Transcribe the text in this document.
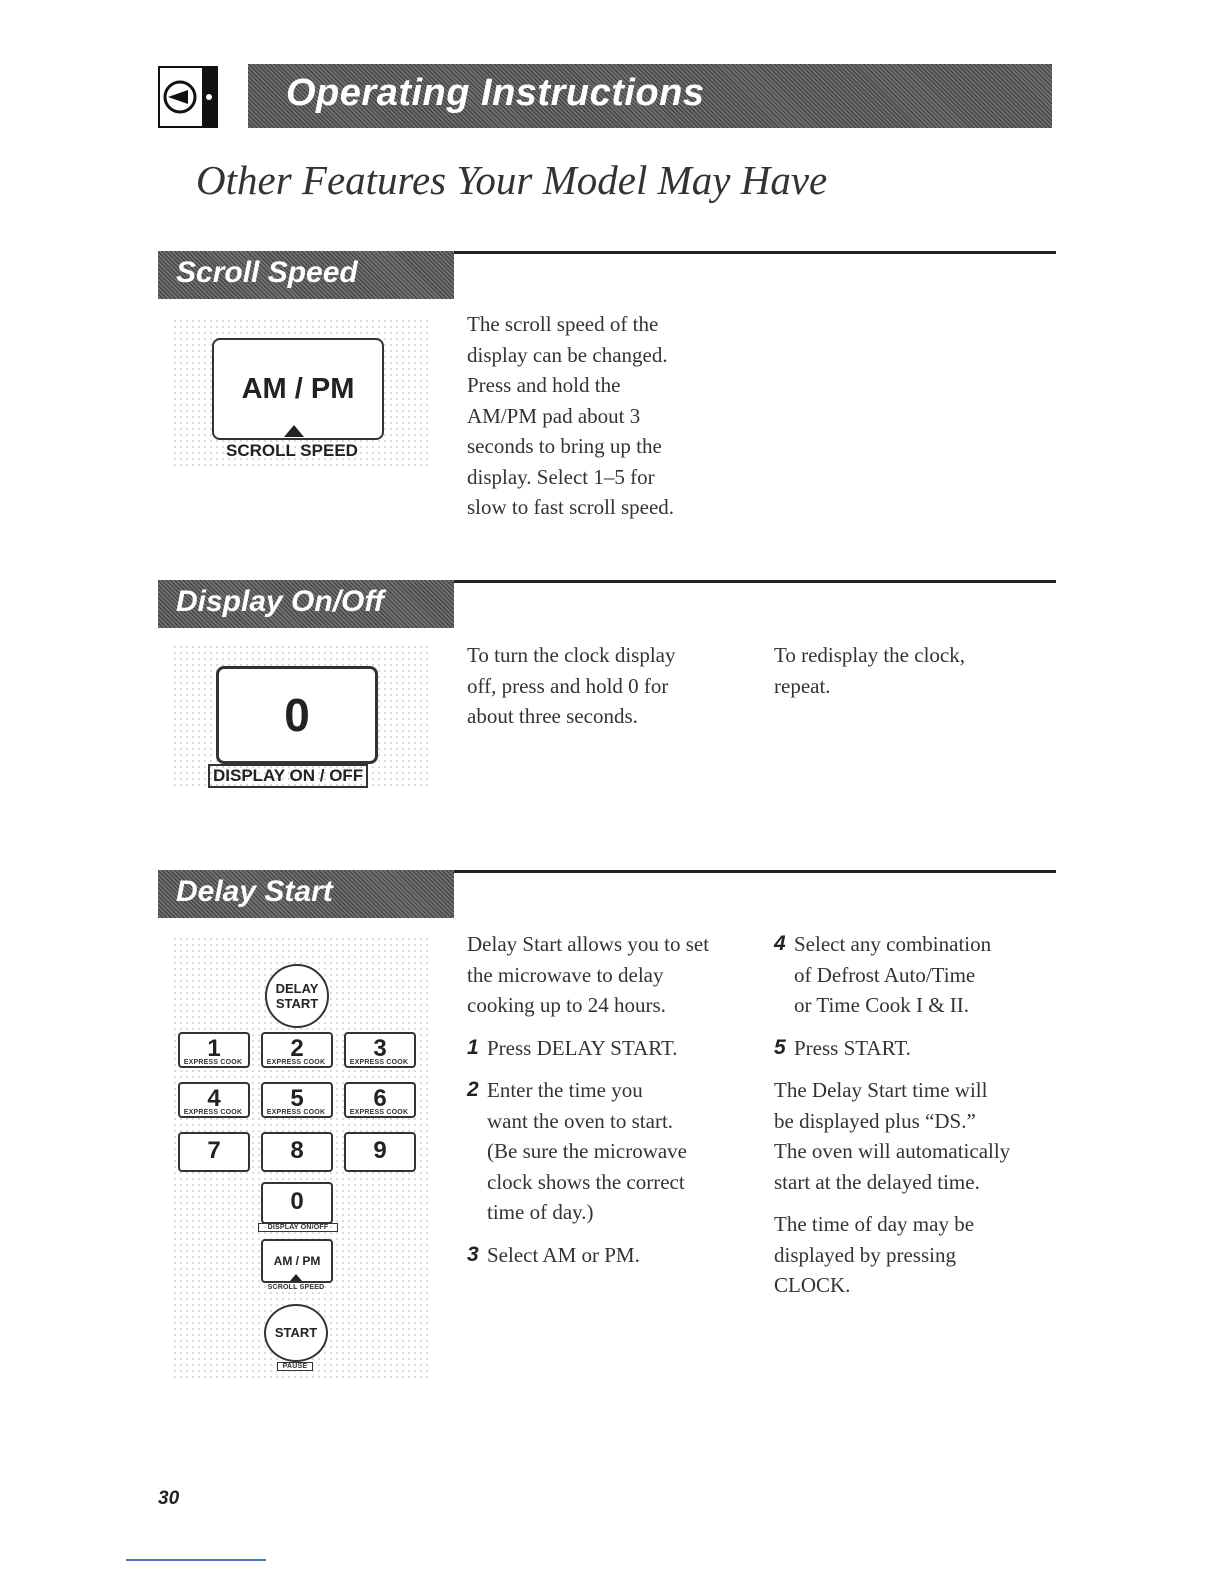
Operating Instructions
Other Features Your Model May Have
Scroll Speed
AM / PM
SCROLL SPEED

The scroll speed of the

display can be changed.

Press and hold the

AM/PM pad about 3

seconds to bring up the

display. Select 1–5 for

slow to fast scroll speed.

Display On/Off
0
DISPLAY ON / OFF

To turn the clock display

off, press and hold 0 for

about three seconds.

To redisplay the clock,

repeat.

Delay Start
DELAY
START
1
EXPRESS COOK
2
EXPRESS COOK
3
EXPRESS COOK
4
EXPRESS COOK
5
EXPRESS COOK
6
EXPRESS COOK
7	8	9
0
DISPLAY ON/OFF
AM / PM
SCROLL SPEED
START
PAUSE

Delay Start allows you to set

the microwave to delay

cooking up to 24 hours.

1 Press DELAY START.
2 Enter the time you
want the oven to start.
(Be sure the microwave
clock shows the correct
time of day.)
3 Select AM or PM.
4 Select any combination
of Defrost Auto/Time
or Time Cook I & II.
5 Press START.

The Delay Start time will

be displayed plus “DS.”

The oven will automatically

start at the delayed time.

The time of day may be

displayed by pressing

CLOCK.

30
